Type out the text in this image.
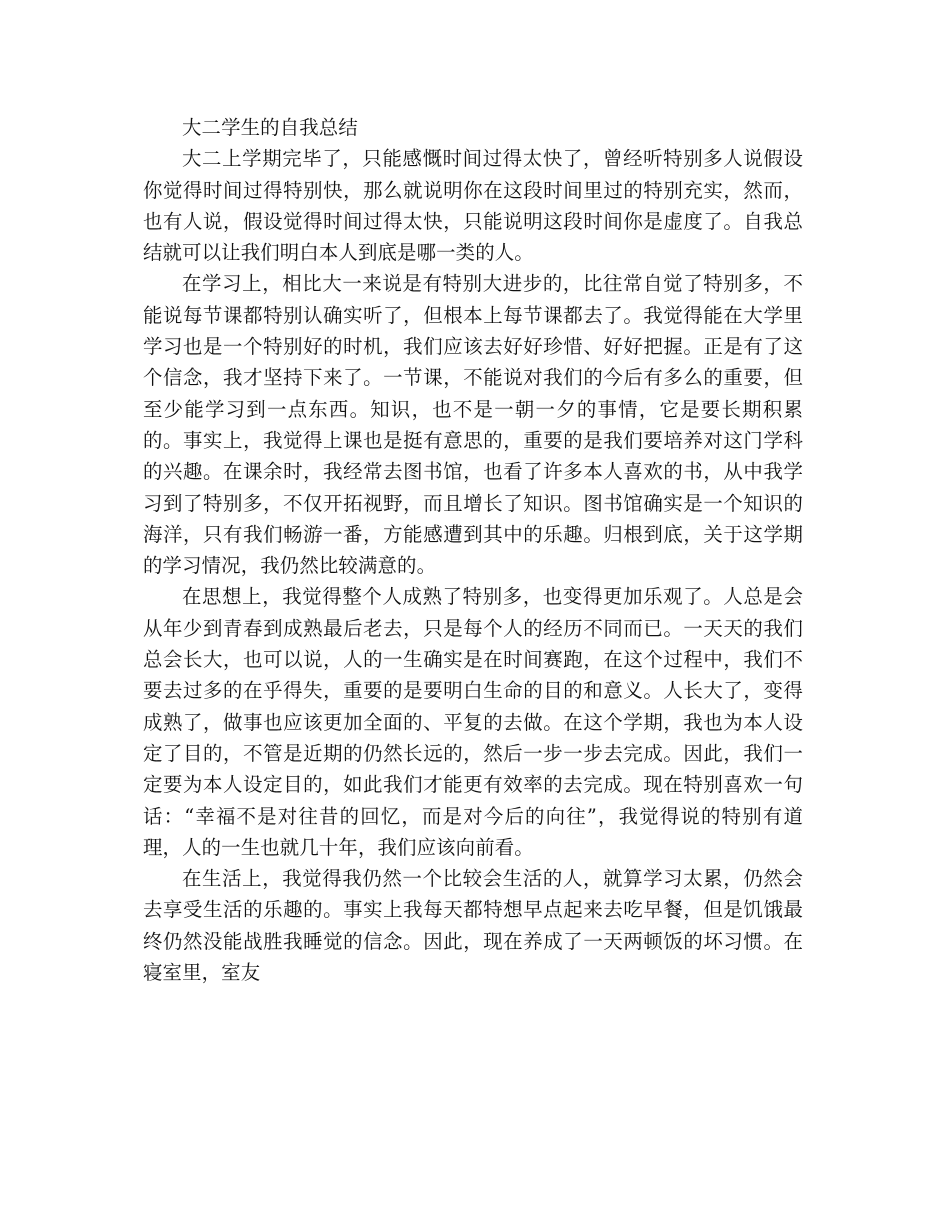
大二学生的自我总结

大二上学期完毕了，只能感慨时间过得太快了，曾经听特别多人说假设你觉得时间过得特别快，那么就说明你在这段时间里过的特别充实，然而，也有人说，假设觉得时间过得太快，只能说明这段时间你是虚度了。自我总结就可以让我们明白本人到底是哪一类的人。

在学习上，相比大一来说是有特别大进步的，比往常自觉了特别多，不能说每节课都特别认确实听了，但根本上每节课都去了。我觉得能在大学里学习也是一个特别好的时机，我们应该去好好珍惜、好好把握。正是有了这个信念，我才坚持下来了。一节课，不能说对我们的今后有多么的重要，但至少能学习到一点东西。知识，也不是一朝一夕的事情，它是要长期积累的。事实上，我觉得上课也是挺有意思的，重要的是我们要培养对这门学科的兴趣。在课余时，我经常去图书馆，也看了许多本人喜欢的书，从中我学习到了特别多，不仅开拓视野，而且增长了知识。图书馆确实是一个知识的海洋，只有我们畅游一番，方能感遭到其中的乐趣。归根到底，关于这学期的学习情况，我仍然比较满意的。

在思想上，我觉得整个人成熟了特别多，也变得更加乐观了。人总是会从年少到青春到成熟最后老去，只是每个人的经历不同而已。一天天的我们总会长大，也可以说，人的一生确实是在时间赛跑，在这个过程中，我们不要去过多的在乎得失，重要的是要明白生命的目的和意义。人长大了，变得成熟了，做事也应该更加全面的、平复的去做。在这个学期，我也为本人设定了目的，不管是近期的仍然长远的，然后一步一步去完成。因此，我们一定要为本人设定目的，如此我们才能更有效率的去完成。现在特别喜欢一句话：“幸福不是对往昔的回忆，而是对今后的向往”，我觉得说的特别有道理，人的一生也就几十年，我们应该向前看。

在生活上，我觉得我仍然一个比较会生活的人，就算学习太累，仍然会去享受生活的乐趣的。事实上我每天都特想早点起来去吃早餐，但是饥饿最终仍然没能战胜我睡觉的信念。因此，现在养成了一天两顿饭的坏习惯。在寝室里，室友
